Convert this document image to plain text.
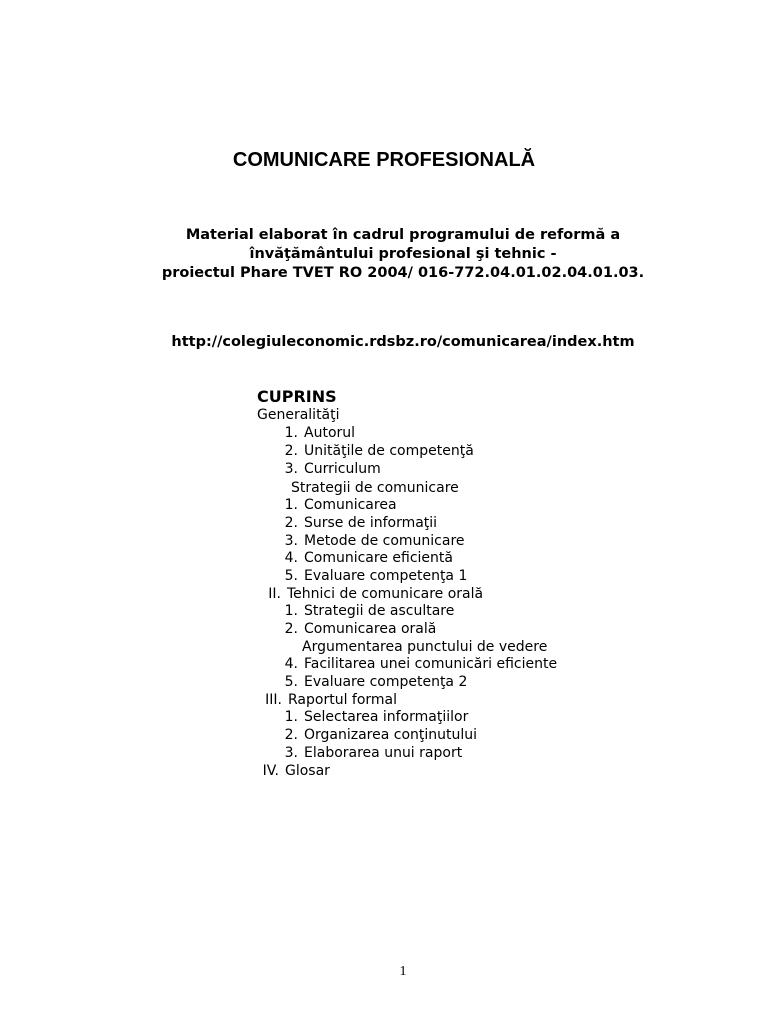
COMUNICARE PROFESIONALĂ
Material elaborat în cadrul programului de reformă a
învăţământului profesional şi tehnic -
proiectul Phare TVET RO 2004/ 016-772.04.01.02.04.01.03.
http://colegiuleconomic.rdsbz.ro/comunicarea/index.htm
CUPRINS
Generalităţi
1. Autorul
2. Unităţile de competenţă
3. Curriculum
Strategii de comunicare
1. Comunicarea
2. Surse de informaţii
3. Metode de comunicare
4. Comunicare eficientă
5. Evaluare competenţa 1
II. Tehnici de comunicare orală
1. Strategii de ascultare
2. Comunicarea orală
Argumentarea punctului de vedere
4. Facilitarea unei comunicări eficiente
5. Evaluare competenţa 2
III. Raportul formal
1. Selectarea informaţiilor
2. Organizarea conţinutului
3. Elaborarea unui raport
IV. Glosar
1
